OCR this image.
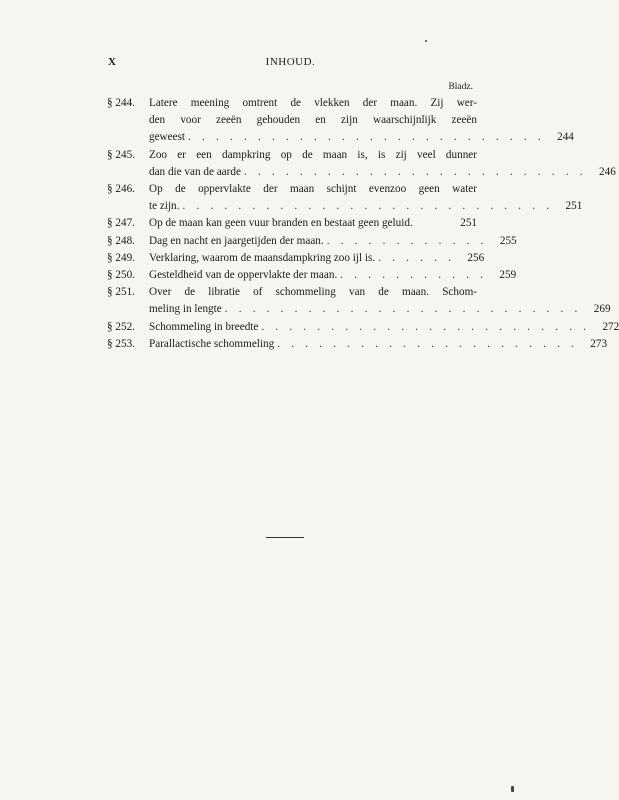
X	INHOUD.
Bladz.
§ 244.	Latere meening omtrent de vlekken der maan. Zij wer-
den voor zeeën gehouden en zijn waarschijnlijk zeeën
geweest . . . . . . . . . . . . . . . . . . . . . . . . . .	244
§ 245.	Zoo er een dampkring op de maan is, is zij veel dunner
dan die van de aarde . . . . . . . . . . . . . . . . . . . . . . . . .	246
§ 246.	Op de oppervlakte der maan schijnt evenzoo geen water
te zijn. . . . . . . . . . . . . . . . . . . . . . . . . . . .	251
§ 247.	Op de maan kan geen vuur branden en bestaat geen geluid.	251
§ 248.	Dag en nacht en jaargetijden der maan. . . . . . . . . . . . .	255
§ 249.	Verklaring, waarom de maansdampkring zoo ijl is. . . . . . .	256
§ 250.	Gesteldheid van de oppervlakte der maan. . . . . . . . . . . .	259
§ 251.	Over de libratie of schommeling van de maan. Schom-
meling in lengte . . . . . . . . . . . . . . . . . . . . . . . . . .	269
§ 252.	Schommeling in breedte . . . . . . . . . . . . . . . . . . . . . . . .	272
§ 253.	Parallactische schommeling . . . . . . . . . . . . . . . . . . . . . .	273
